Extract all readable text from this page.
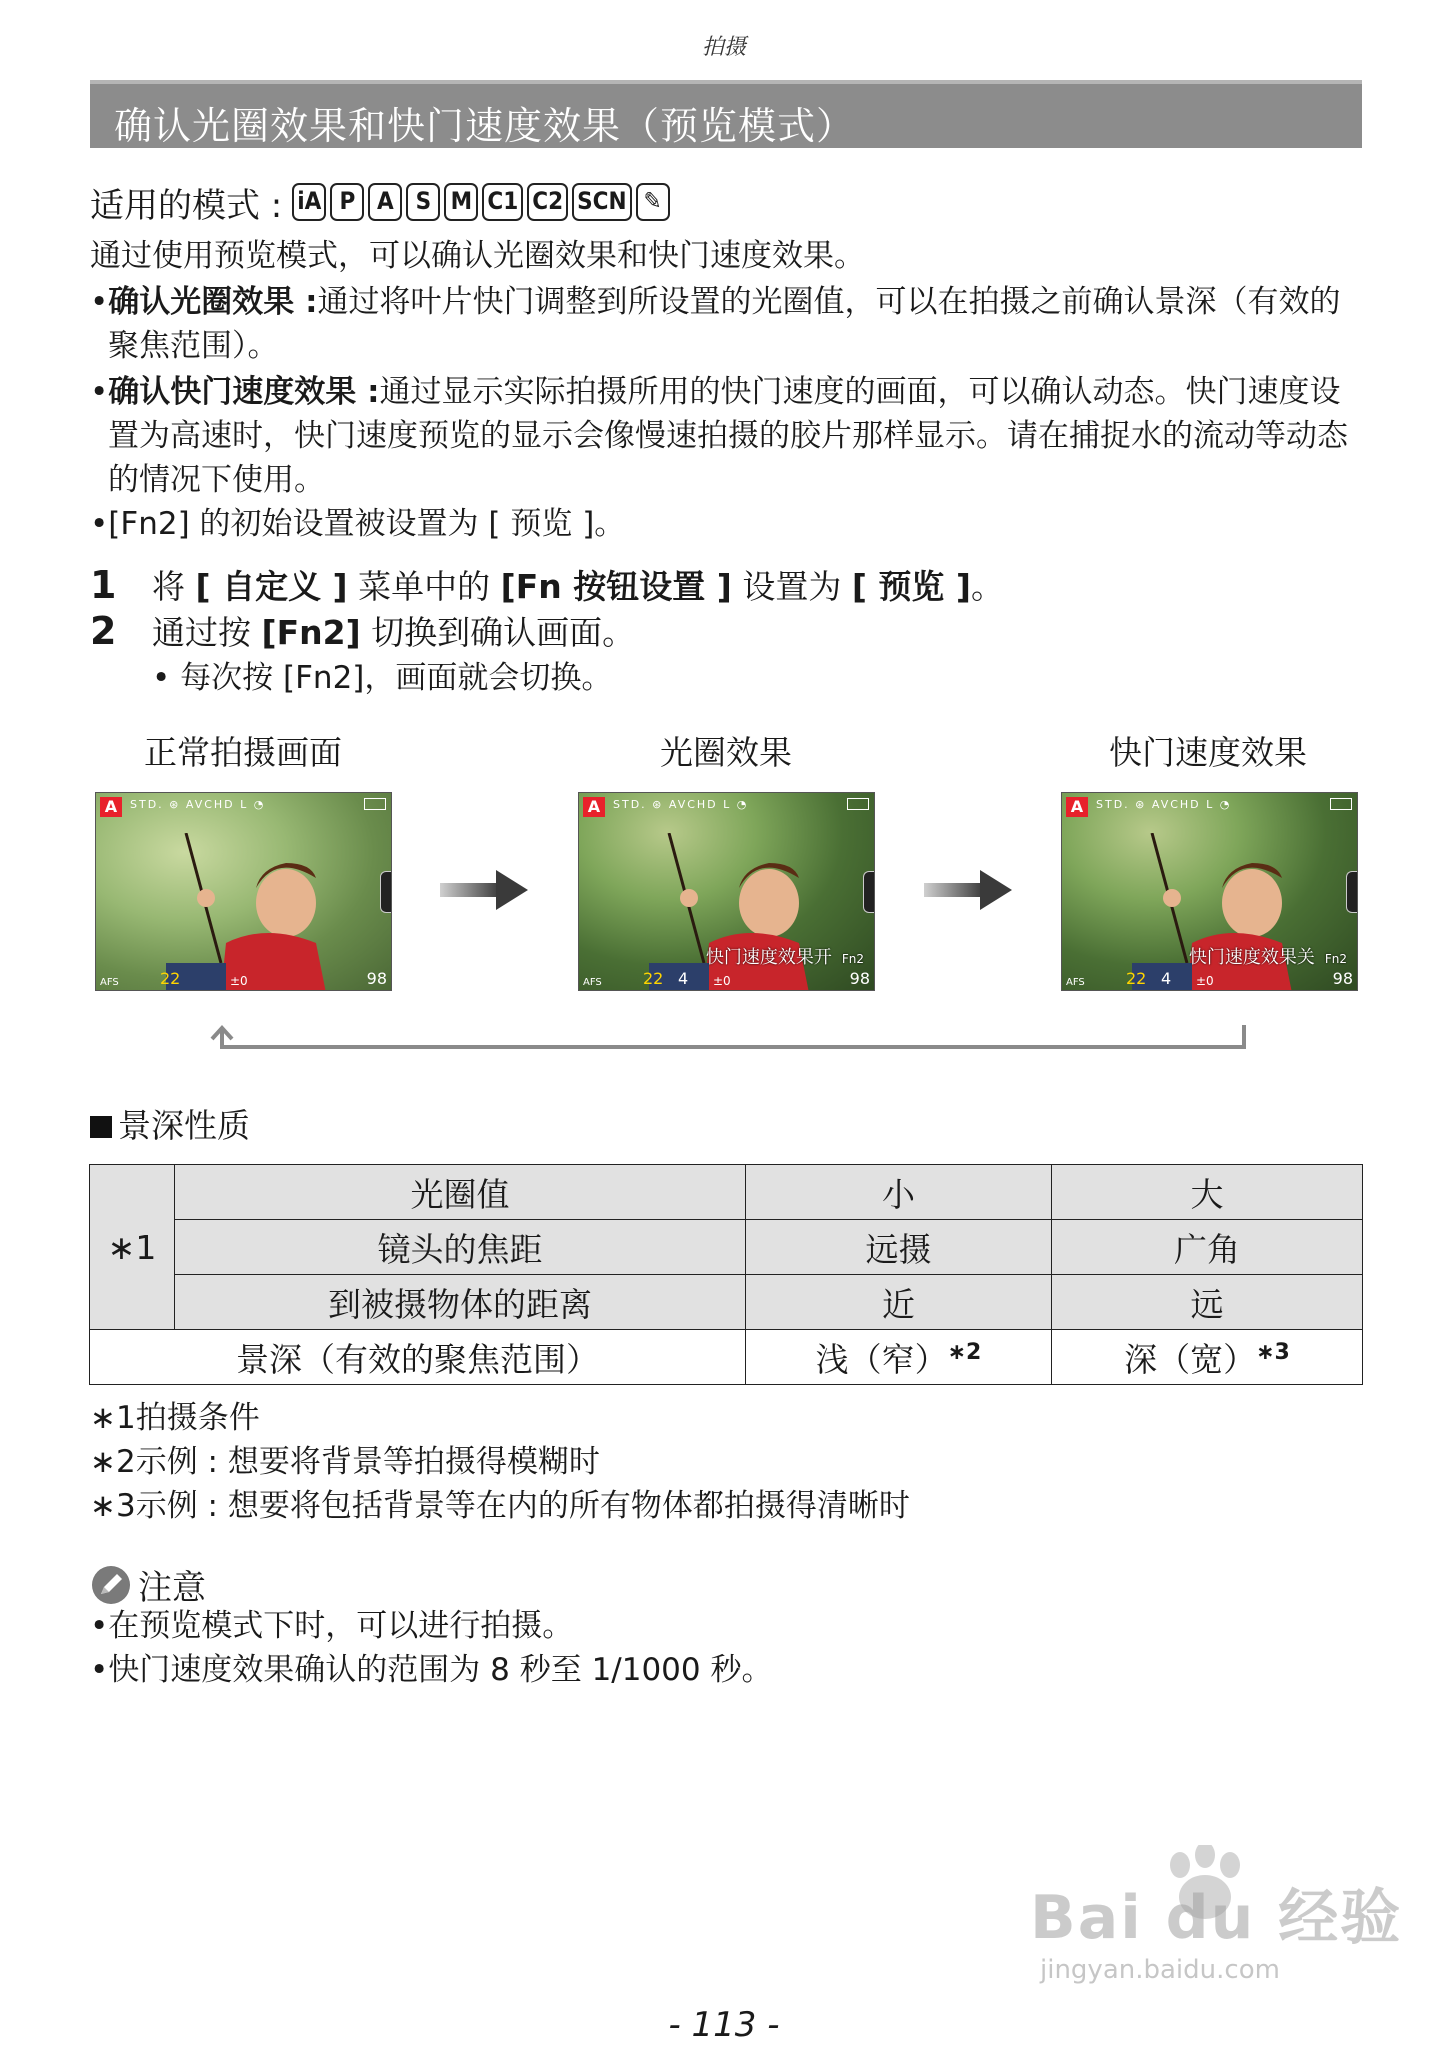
拍摄
确认光圈效果和快门速度效果（预览模式）
适用的模式 : iA P A S M C1 C2 SCN ✎
通过使用预览模式，可以确认光圈效果和快门速度效果。
•确认光圈效果 :通过将叶片快门调整到所设置的光圈值，可以在拍摄之前确认景深（有效的聚焦范围）。
•确认快门速度效果 :通过显示实际拍摄所用的快门速度的画面，可以确认动态。快门速度设置为高速时，快门速度预览的显示会像慢速拍摄的胶片那样显示。请在捕捉水的流动等动态的情况下使用。
•[Fn2] 的初始设置被设置为 [ 预览 ]。
1 将 [ 自定义 ] 菜单中的 [Fn 按钮设置 ] 设置为 [ 预览 ]。
2 通过按 [Fn2] 切换到确认画面。
• 每次按 [Fn2]，画面就会切换。
正常拍摄画面	光圈效果	快门速度效果
A	STD. ⊛ AVCHD L ◔
AFS	22	±0	98
A	STD. ⊛ AVCHD L ◔
快门速度效果开 Fn2
AFS	22 4 ±0	98
A	STD. ⊛ AVCHD L ◔
快门速度效果关 Fn2
AFS	22 4 ±0	98
景深性质
∗1	光圈值	小	大
	镜头的焦距	远摄	广角
	到被摄物体的距离	近	远
景深（有效的聚焦范围）		浅（窄）$^{∗2}$	深（宽）$^{∗3}$
∗1拍摄条件
∗2示例 : 想要将背景等拍摄得模糊时
∗3示例 : 想要将包括背景等在内的所有物体都拍摄得清晰时
注意
•在预览模式下时，可以进行拍摄。
•快门速度效果确认的范围为 8 秒至 1/1000 秒。
Bai du 经验
jingyan.baidu.com
- 113 -
